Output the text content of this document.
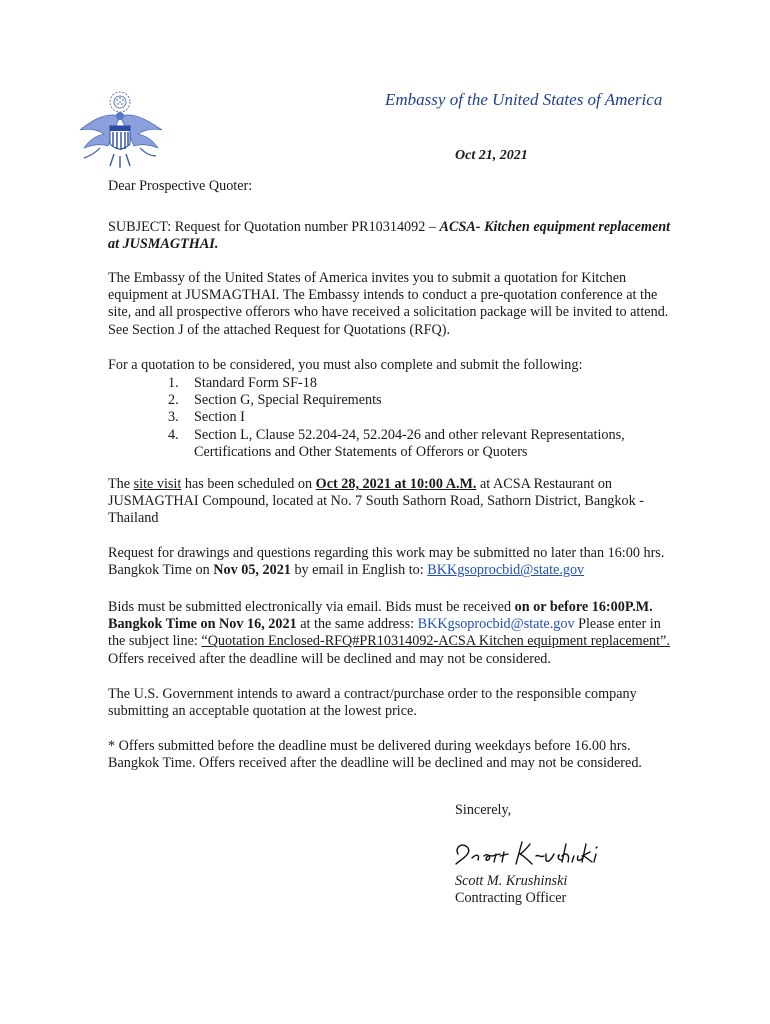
Embassy of the United States of America
Oct 21, 2021
Dear Prospective Quoter:
SUBJECT: Request for Quotation number PR10314092 – ACSA- Kitchen equipment replacement at JUSMAGTHAI.
The Embassy of the United States of America invites you to submit a quotation for Kitchen equipment at JUSMAGTHAI. The Embassy intends to conduct a pre-quotation conference at the site, and all prospective offerors who have received a solicitation package will be invited to attend. See Section J of the attached Request for Quotations (RFQ).
For a quotation to be considered, you must also complete and submit the following:
1.	Standard Form SF-18
2.	Section G, Special Requirements
3.	Section I
4.	Section L, Clause 52.204-24, 52.204-26 and other relevant Representations, Certifications and Other Statements of Offerors or Quoters
The site visit has been scheduled on Oct 28, 2021 at 10:00 A.M. at ACSA Restaurant on JUSMAGTHAI Compound, located at No. 7 South Sathorn Road, Sathorn District, Bangkok - Thailand
Request for drawings and questions regarding this work may be submitted no later than 16:00 hrs. Bangkok Time on Nov 05, 2021 by email in English to: BKKgsoprocbid@state.gov
Bids must be submitted electronically via email. Bids must be received on or before 16:00P.M. Bangkok Time on Nov 16, 2021 at the same address: BKKgsoprocbid@state.gov Please enter in the subject line: “Quotation Enclosed-RFQ#PR10314092-ACSA Kitchen equipment replacement”. Offers received after the deadline will be declined and may not be considered.
The U.S. Government intends to award a contract/purchase order to the responsible company submitting an acceptable quotation at the lowest price.
* Offers submitted before the deadline must be delivered during weekdays before 16.00 hrs. Bangkok Time. Offers received after the deadline will be declined and may not be considered.
Sincerely,
Scott M. Krushinski
Contracting Officer
